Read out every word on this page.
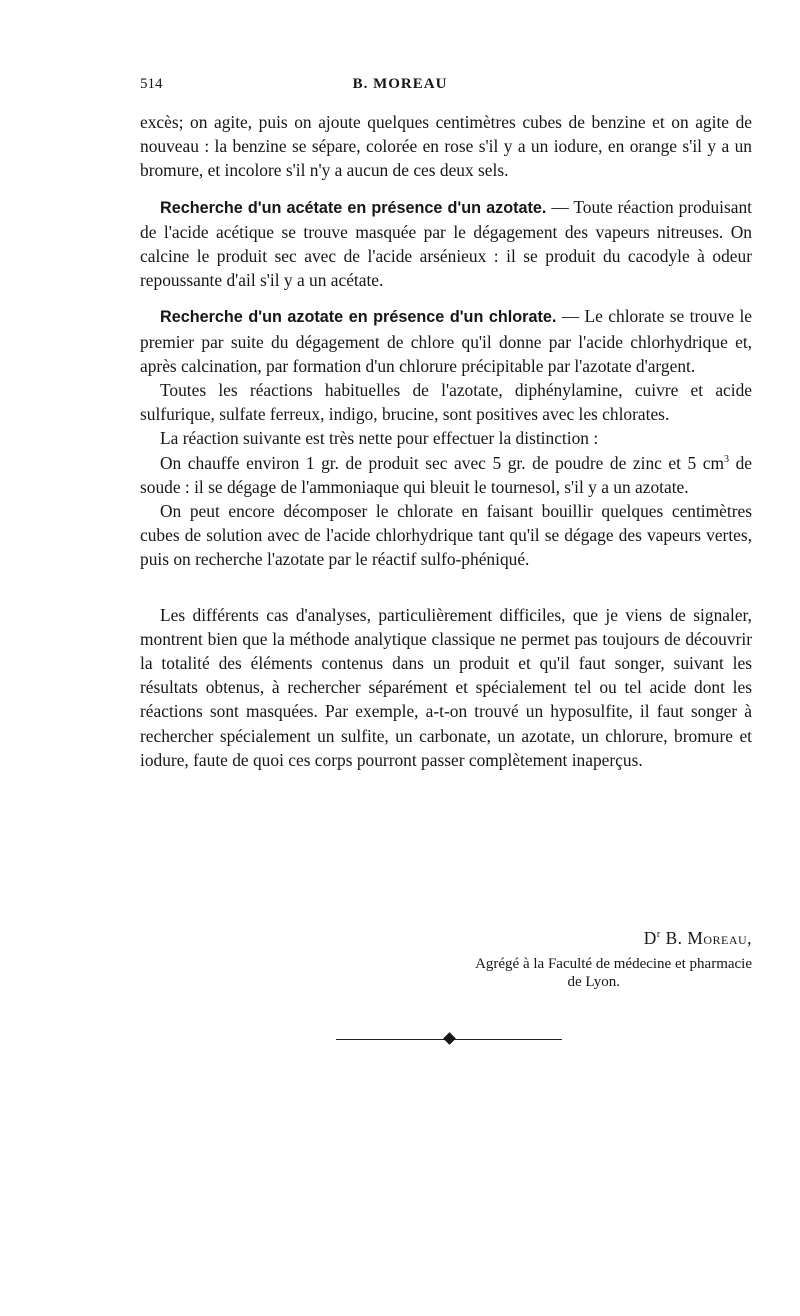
514	B. MOREAU

excès; on agite, puis on ajoute quelques centimètres cubes de benzine et on agite de nouveau : la benzine se sépare, colorée en rose s'il y a un iodure, en orange s'il y a un bromure, et incolore s'il n'y a aucun de ces deux sels.

Recherche d'un acétate en présence d'un azotate. — Toute réaction produisant de l'acide acétique se trouve masquée par le dégagement des vapeurs nitreuses. On calcine le produit sec avec de l'acide arsénieux : il se produit du cacodyle à odeur repoussante d'ail s'il y a un acétate.

Recherche d'un azotate en présence d'un chlorate. — Le chlorate se trouve le premier par suite du dégagement de chlore qu'il donne par l'acide chlorhydrique et, après calcination, par formation d'un chlorure précipitable par l'azotate d'argent.

Toutes les réactions habituelles de l'azotate, diphénylamine, cuivre et acide sulfurique, sulfate ferreux, indigo, brucine, sont positives avec les chlorates.

La réaction suivante est très nette pour effectuer la distinction :

On chauffe environ 1 gr. de produit sec avec 5 gr. de poudre de zinc et 5 $cm^3$ de soude : il se dégage de l'ammoniaque qui bleuit le tournesol, s'il y a un azotate.

On peut encore décomposer le chlorate en faisant bouillir quelques centimètres cubes de solution avec de l'acide chlorhydrique tant qu'il se dégage des vapeurs vertes, puis on recherche l'azotate par le réactif sulfo-phéniqué.

Les différents cas d'analyses, particulièrement difficiles, que je viens de signaler, montrent bien que la méthode analytique classique ne permet pas toujours de découvrir la totalité des éléments contenus dans un produit et qu'il faut songer, suivant les résultats obtenus, à rechercher séparément et spécialement tel ou tel acide dont les réactions sont masquées. Par exemple, a-t-on trouvé un hyposulfite, il faut songer à rechercher spécialement un sulfite, un carbonate, un azotate, un chlorure, bromure et iodure, faute de quoi ces corps pourront passer complètement inaperçus.

$D^r$ B. Moreau,
Agrégé à la Faculté de médecine et pharmacie
de Lyon.
